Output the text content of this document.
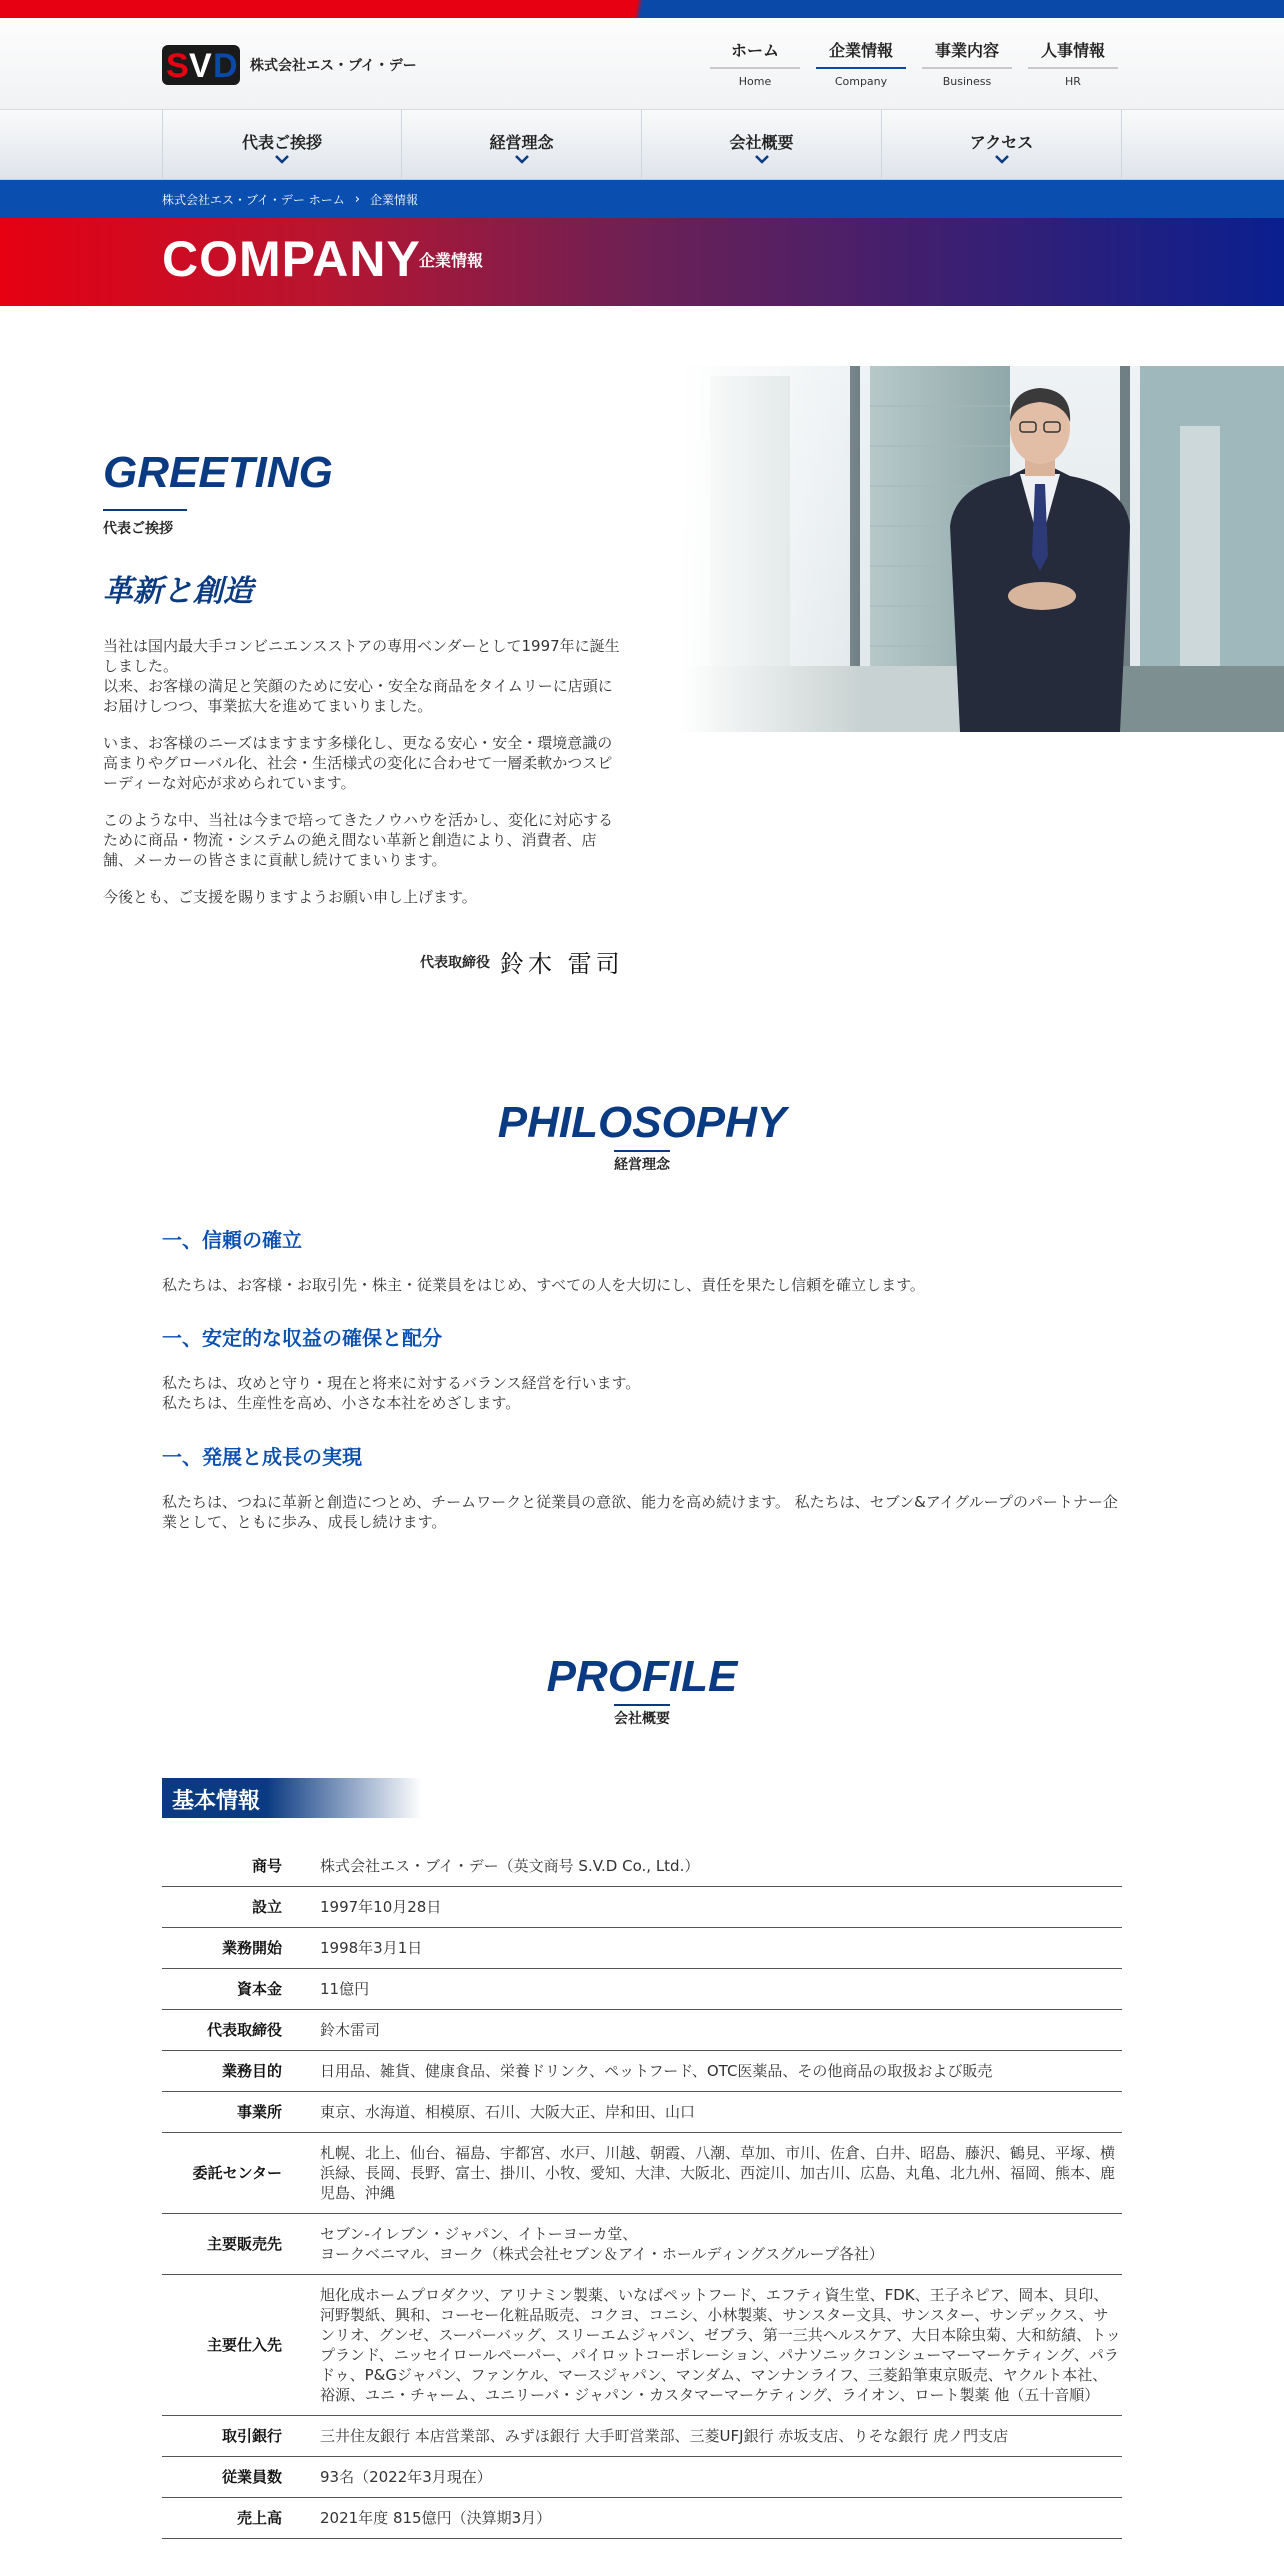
S V D 株式会社エス・ブイ・デー
ホーム
Home
企業情報
Company
事業内容
Business
人事情報
HR
代表ご挨拶	経営理念	会社概要	アクセス
株式会社エス・ブイ・デー ホーム › 企業情報
COMPANY
企業情報
GREETING
代表ご挨拶
革新と創造

当社は国内最大手コンビニエンスストアの専用ベンダーとして1997年に誕生しました。
以来、お客様の満足と笑顔のために安心・安全な商品をタイムリーに店頭にお届けしつつ、事業拡大を進めてまいりました。

いま、お客様のニーズはますます多様化し、更なる安心・安全・環境意識の高まりやグローバル化、社会・生活様式の変化に合わせて一層柔軟かつスピーディーな対応が求められています。

このような中、当社は今まで培ってきたノウハウを活かし、変化に対応するために商品・物流・システムの絶え間ない革新と創造により、消費者、店舗、メーカーの皆さまに貢献し続けてまいります。

今後とも、ご支援を賜りますようお願い申し上げます。

代表取締役 鈴木 雷司
PHILOSOPHY
経営理念
一、信頼の確立

私たちは、お客様・お取引先・株主・従業員をはじめ、すべての人を大切にし、責任を果たし信頼を確立します。

一、安定的な収益の確保と配分

私たちは、攻めと守り・現在と将来に対するバランス経営を行います。
私たちは、生産性を高め、小さな本社をめざします。

一、発展と成長の実現

私たちは、つねに革新と創造につとめ、チームワークと従業員の意欲、能力を高め続けます。 私たちは、セブン&アイグループのパートナー企業として、ともに歩み、成長し続けます。

PROFILE
会社概要
基本情報
商号	株式会社エス・ブイ・デー（英文商号 S.V.D Co., Ltd.）
設立	1997年10月28日
業務開始	1998年3月1日
資本金	11億円
代表取締役	鈴木雷司
業務目的	日用品、雑貨、健康食品、栄養ドリンク、ペットフード、OTC医薬品、その他商品の取扱および販売
事業所	東京、水海道、相模原、石川、大阪大正、岸和田、山口
委託センター	札幌、北上、仙台、福島、宇都宮、水戸、川越、朝霞、八潮、草加、市川、佐倉、白井、昭島、藤沢、鶴見、平塚、横浜緑、長岡、長野、富士、掛川、小牧、愛知、大津、大阪北、西淀川、加古川、広島、丸亀、北九州、福岡、熊本、鹿児島、沖縄
主要販売先	セブン-イレブン・ジャパン、イトーヨーカ堂、
ヨークベニマル、ヨーク（株式会社セブン＆アイ・ホールディングスグループ各社）
主要仕入先	旭化成ホームプロダクツ、アリナミン製薬、いなばペットフード、エフティ資生堂、FDK、王子ネピア、岡本、貝印、河野製紙、興和、コーセー化粧品販売、コクヨ、コニシ、小林製薬、サンスター文具、サンスター、サンデックス、サンリオ、グンゼ、スーパーバッグ、スリーエムジャパン、ゼブラ、第一三共ヘルスケア、大日本除虫菊、大和紡績、トップランド、ニッセイロールペーパー、パイロットコーポレーション、パナソニックコンシューマーマーケティング、パラドゥ、P&Gジャパン、ファンケル、マースジャパン、マンダム、マンナンライフ、三菱鉛筆東京販売、ヤクルト本社、裕源、ユニ・チャーム、ユニリーバ・ジャパン・カスタマーマーケティング、ライオン、ロート製薬 他（五十音順）
取引銀行	三井住友銀行 本店営業部、みずほ銀行 大手町営業部、三菱UFJ銀行 赤坂支店、りそな銀行 虎ノ門支店
従業員数	93名（2022年3月現在）
売上高	2021年度 815億円（決算期3月）
